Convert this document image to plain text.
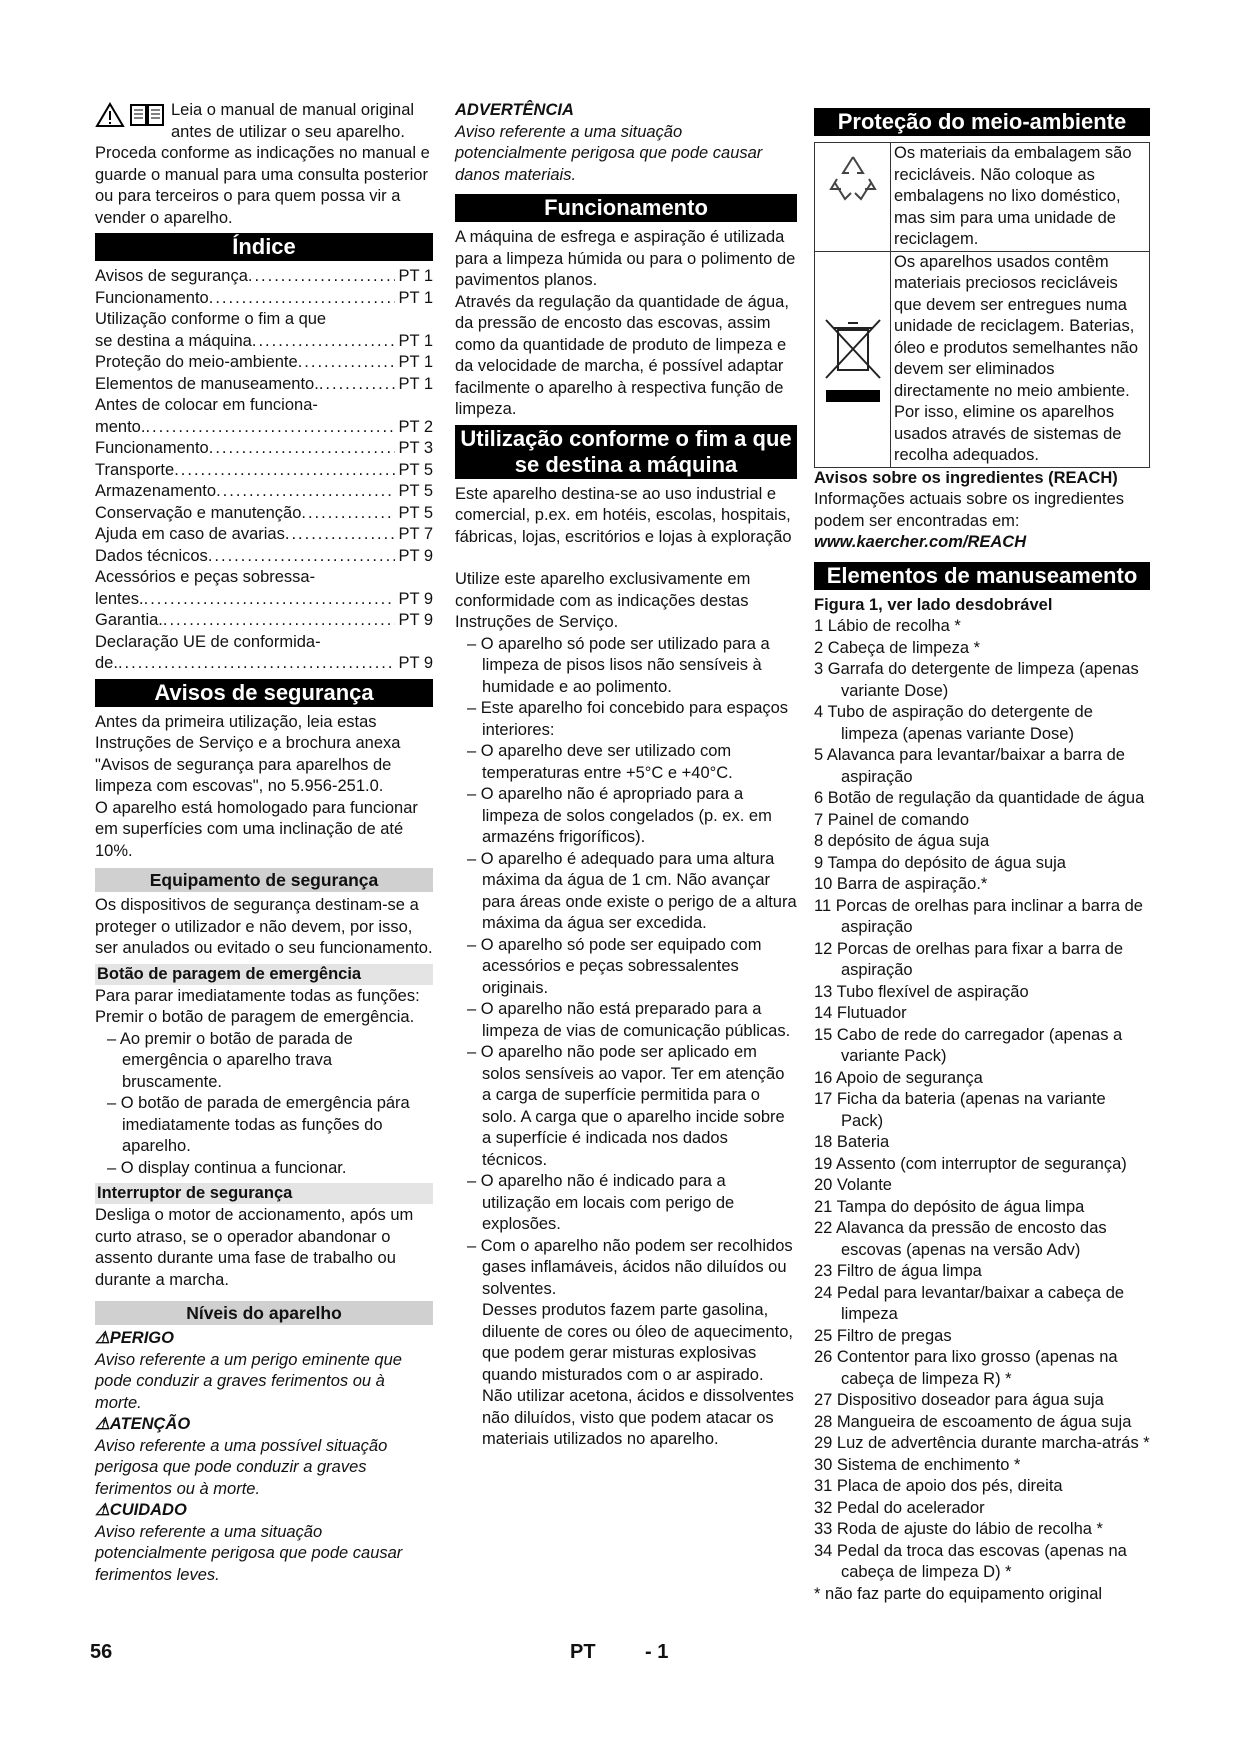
Leia o manual de manual original antes de utilizar o seu aparelho. Proceda conforme as indicações no manual e guarde o manual para uma consulta posterior ou para terceiros o para quem possa vir a vender o aparelho.

Índice
Avisos de segurança .....	PT 1
Funcionamento .....	PT 1
Utilização conforme o fim a que
se destina a máquina .....	PT 1
Proteção do meio-ambiente .....	PT 1
Elementos de manuseamento. .....	PT 1
Antes de colocar em funciona-
mento. .....	PT 2
Funcionamento .....	PT 3
Transporte .....	PT 5
Armazenamento .....	PT 5
Conservação e manutenção .....	PT 5
Ajuda em caso de avarias .....	PT 7
Dados técnicos .....	PT 9
Acessórios e peças sobressa-
lentes. .....	PT 9
Garantia. .....	PT 9
Declaração UE de conformida-
de. .....	PT 9
Avisos de segurança

Antes da primeira utilização, leia estas Instruções de Serviço e a brochura anexa "Avisos de segurança para aparelhos de limpeza com escovas", no 5.956-251.0.

O aparelho está homologado para funcionar em superfícies com uma inclinação de até 10%.

Equipamento de segurança

Os dispositivos de segurança destinam-se a proteger o utilizador e não devem, por isso, ser anulados ou evitado o seu funcionamento.

Botão de paragem de emergência

Para parar imediatamente todas as funções: Premir o botão de paragem de emergência.

– Ao premir o botão de parada de emergência o aparelho trava bruscamente.

– O botão de parada de emergência pára imediatamente todas as funções do aparelho.

– O display continua a funcionar.

Interruptor de segurança

Desliga o motor de accionamento, após um curto atraso, se o operador abandonar o assento durante uma fase de trabalho ou durante a marcha.

Níveis do aparelho

⚠PERIGO

Aviso referente a um perigo eminente que pode conduzir a graves ferimentos ou à morte.

⚠ATENÇÃO

Aviso referente a uma possível situação perigosa que pode conduzir a graves ferimentos ou à morte.

⚠CUIDADO

Aviso referente a uma situação potencialmente perigosa que pode causar ferimentos leves.

ADVERTÊNCIA

Aviso referente a uma situação potencialmente perigosa que pode causar danos materiais.

Funcionamento

A máquina de esfrega e aspiração é utilizada para a limpeza húmida ou para o polimento de pavimentos planos.

Através da regulação da quantidade de água, da pressão de encosto das escovas, assim como da quantidade de produto de limpeza e da velocidade de marcha, é possível adaptar facilmente o aparelho à respectiva função de limpeza.

Utilização conforme o fim a que se destina a máquina

Este aparelho destina-se ao uso industrial e comercial, p.ex. em hotéis, escolas, hospitais, fábricas, lojas, escritórios e lojas à exploração

Utilize este aparelho exclusivamente em conformidade com as indicações destas Instruções de Serviço.

– O aparelho só pode ser utilizado para a limpeza de pisos lisos não sensíveis à humidade e ao polimento.

– Este aparelho foi concebido para espaços interiores:

– O aparelho deve ser utilizado com temperaturas entre +5°C e +40°C.

– O aparelho não é apropriado para a limpeza de solos congelados (p. ex. em armazéns frigoríficos).

– O aparelho é adequado para uma altura máxima da água de 1 cm. Não avançar para áreas onde existe o perigo de a altura máxima da água ser excedida.

– O aparelho só pode ser equipado com acessórios e peças sobressalentes originais.

– O aparelho não está preparado para a limpeza de vias de comunicação públicas.

– O aparelho não pode ser aplicado em solos sensíveis ao vapor. Ter em atenção a carga de superfície permitida para o solo. A carga que o aparelho incide sobre a superfície é indicada nos dados técnicos.

– O aparelho não é indicado para a utilização em locais com perigo de explosões.

– Com o aparelho não podem ser recolhidos gases inflamáveis, ácidos não diluídos ou solventes.

Desses produtos fazem parte gasolina, diluente de cores ou óleo de aquecimento, que podem gerar misturas explosivas quando misturados com o ar aspirado. Não utilizar acetona, ácidos e dissolventes não diluídos, visto que podem atacar os materiais utilizados no aparelho.

Proteção do meio-ambiente
Os materiais da embalagem são recicláveis. Não coloque as embalagens no lixo doméstico, mas sim para uma unidade de reciclagem.
Os aparelhos usados contêm materiais preciosos recicláveis que devem ser entregues numa unidade de reciclagem. Baterias, óleo e produtos semelhantes não devem ser eliminados directamente no meio ambiente. Por isso, elimine os aparelhos usados através de sistemas de recolha adequados.

Avisos sobre os ingredientes (REACH)

Informações actuais sobre os ingredientes podem ser encontradas em:

www.kaercher.com/REACH

Elementos de manuseamento

Figura 1, ver lado desdobrável

1 Lábio de recolha *

2 Cabeça de limpeza *

3 Garrafa do detergente de limpeza (apenas variante Dose)

4 Tubo de aspiração do detergente de limpeza (apenas variante Dose)

5 Alavanca para levantar/baixar a barra de aspiração

6 Botão de regulação da quantidade de água

7 Painel de comando

8 depósito de água suja

9 Tampa do depósito de água suja

10 Barra de aspiração.*

11 Porcas de orelhas para inclinar a barra de aspiração

12 Porcas de orelhas para fixar a barra de aspiração

13 Tubo flexível de aspiração

14 Flutuador

15 Cabo de rede do carregador (apenas a variante Pack)

16 Apoio de segurança

17 Ficha da bateria (apenas na variante Pack)

18 Bateria

19 Assento (com interruptor de segurança)

20 Volante

21 Tampa do depósito de água limpa

22 Alavanca da pressão de encosto das escovas (apenas na versão Adv)

23 Filtro de água limpa

24 Pedal para levantar/baixar a cabeça de limpeza

25 Filtro de pregas

26 Contentor para lixo grosso (apenas na cabeça de limpeza R) *

27 Dispositivo doseador para água suja

28 Mangueira de escoamento de água suja

29 Luz de advertência durante marcha-atrás *

30 Sistema de enchimento *

31 Placa de apoio dos pés, direita

32 Pedal do acelerador

33 Roda de ajuste do lábio de recolha *

34 Pedal da troca das escovas (apenas na cabeça de limpeza D) *

* não faz parte do equipamento original

56	PT - 1
